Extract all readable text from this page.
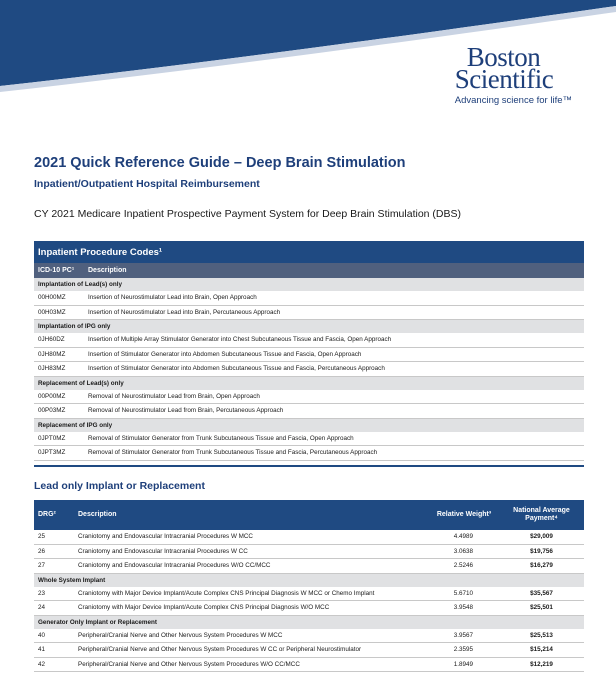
Boston
Scientific
Advancing science for life™
2021 Quick Reference Guide – Deep Brain Stimulation
Inpatient/Outpatient Hospital Reimbursement
CY 2021 Medicare Inpatient Prospective Payment System for Deep Brain Stimulation (DBS)
Inpatient Procedure Codes¹	
ICD-10 PC¹	Description
Implantation of Lead(s) only	
00H00MZ	Insertion of Neurostimulator Lead into Brain, Open Approach
00H03MZ	Insertion of Neurostimulator Lead into Brain, Percutaneous Approach
Implantation of IPG only	
0JH60DZ	Insertion of Multiple Array Stimulator Generator into Chest Subcutaneous Tissue and Fascia, Open Approach
0JH80MZ	Insertion of Stimulator Generator into Abdomen Subcutaneous Tissue and Fascia, Open Approach
0JH83MZ	Insertion of Stimulator Generator into Abdomen Subcutaneous Tissue and Fascia, Percutaneous Approach
Replacement of Lead(s) only	
00P00MZ	Removal of Neurostimulator Lead from Brain, Open Approach
00P03MZ	Removal of Neurostimulator Lead from Brain, Percutaneous Approach
Replacement of IPG only	
0JPT0MZ	Removal of Stimulator Generator from Trunk Subcutaneous Tissue and Fascia, Open Approach
0JPT3MZ	Removal of Stimulator Generator from Trunk Subcutaneous Tissue and Fascia, Percutaneous Approach
Lead only Implant or Replacement
DRG²	Description	Relative Weight³	National Average Payment⁴
25	Craniotomy and Endovascular Intracranial Procedures W MCC	4.4989	$29,009
26	Craniotomy and Endovascular Intracranial Procedures W CC	3.0638	$19,756
27	Craniotomy and Endovascular Intracranial Procedures W/O CC/MCC	2.5246	$16,279
Whole System Implant			
23	Craniotomy with Major Device Implant/Acute Complex CNS Principal Diagnosis W MCC or Chemo Implant	5.6710	$35,567
24	Craniotomy with Major Device Implant/Acute Complex CNS Principal Diagnosis W/O MCC	3.9548	$25,501
Generator Only Implant or Replacement			
40	Peripheral/Cranial Nerve and Other Nervous System Procedures W MCC	3.9567	$25,513
41	Peripheral/Cranial Nerve and Other Nervous System Procedures W CC or Peripheral Neurostimulator	2.3595	$15,214
42	Peripheral/Cranial Nerve and Other Nervous System Procedures W/O CC/MCC	1.8949	$12,219
